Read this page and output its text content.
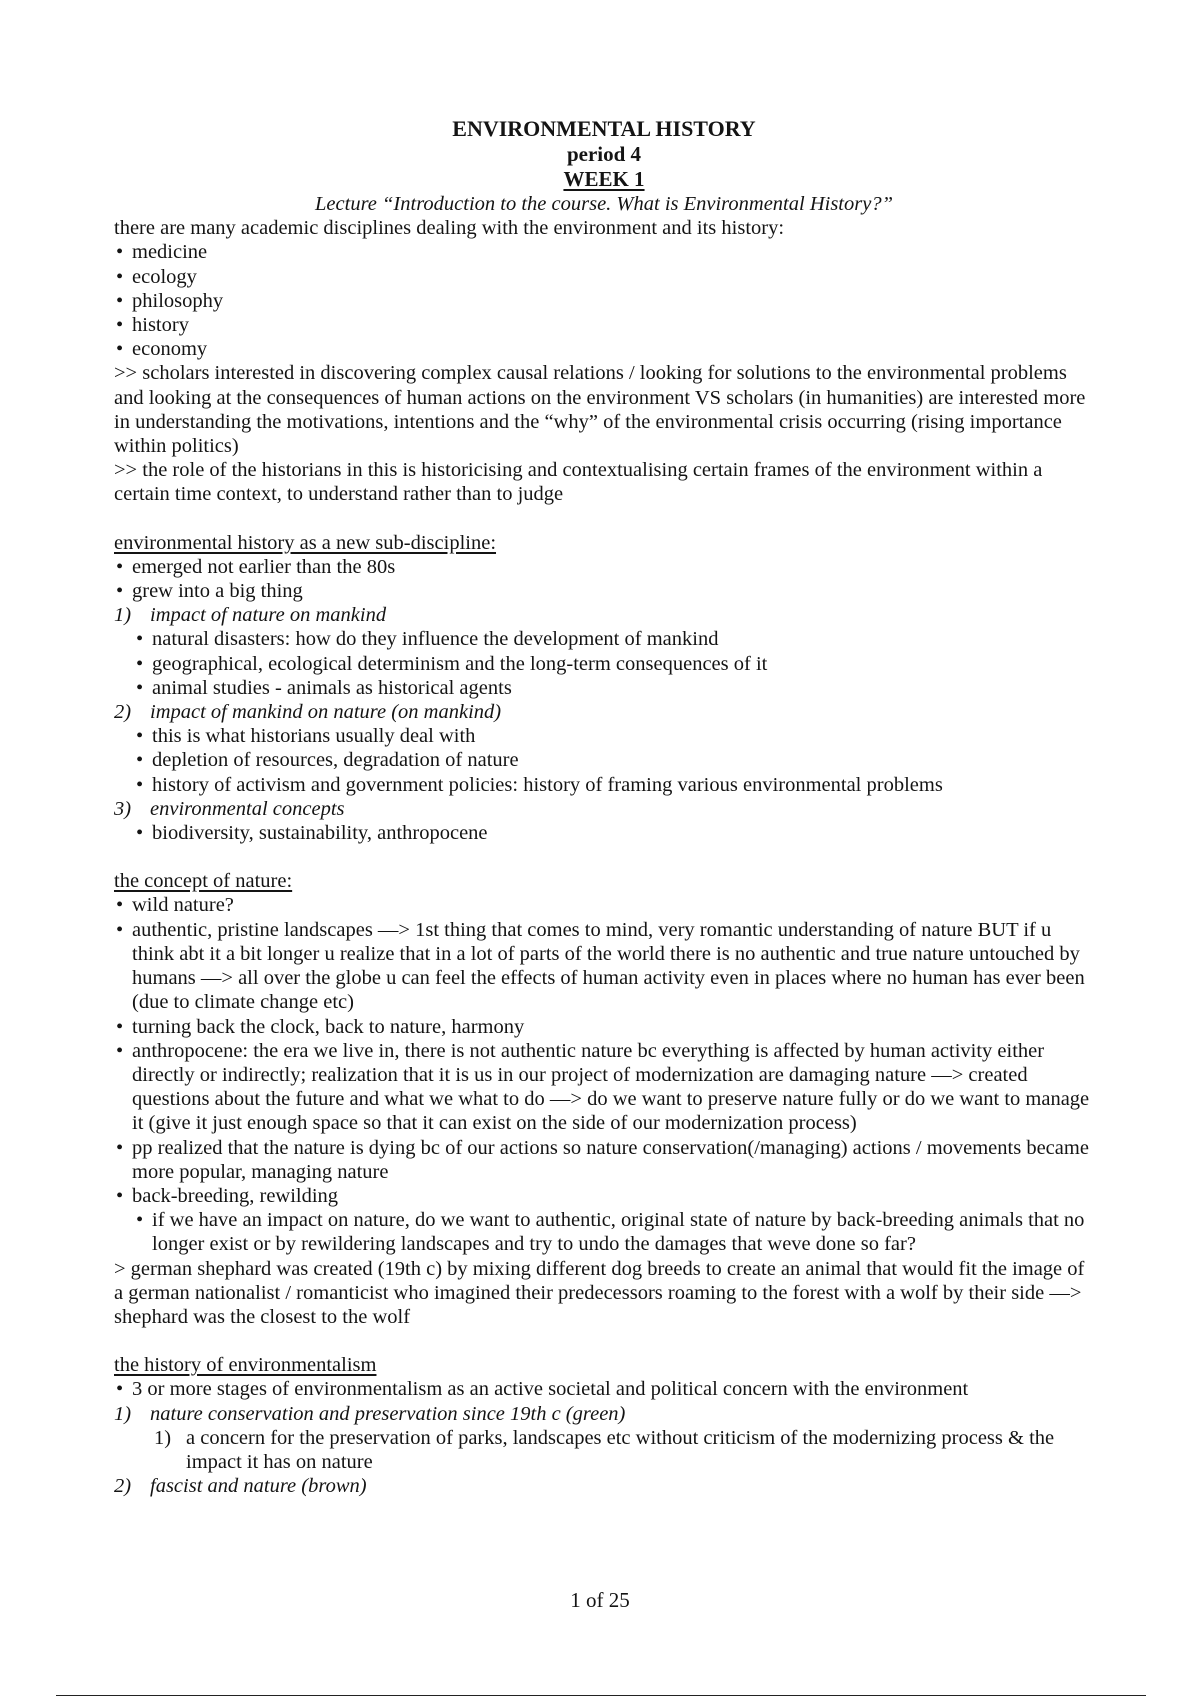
ENVIRONMENTAL HISTORY

period 4

WEEK 1

Lecture “Introduction to the course. What is Environmental History?”

there are many academic disciplines dealing with the environment and its history:

• medicine
• ecology
• philosophy
• history
• economy

>> scholars interested in discovering complex causal relations / looking for solutions to the environmental problems and looking at the consequences of human actions on the environment VS scholars (in humanities) are interested more in understanding the motivations, intentions and the “why” of the environmental crisis occurring (rising importance within politics)

>> the role of the historians in this is historicising and contextualising certain frames of the environment within a certain time context, to understand rather than to judge

environmental history as a new sub-discipline:

• emerged not earlier than the 80s
• grew into a big thing
1) impact of nature on mankind
• natural disasters: how do they influence the development of mankind
• geographical, ecological determinism and the long-term consequences of it
• animal studies - animals as historical agents
2) impact of mankind on nature (on mankind)
• this is what historians usually deal with
• depletion of resources, degradation of nature
• history of activism and government policies: history of framing various environmental problems
3) environmental concepts
• biodiversity, sustainability, anthropocene

the concept of nature:

• wild nature?
• authentic, pristine landscapes —> 1st thing that comes to mind, very romantic understanding of nature BUT if u think abt it a bit longer u realize that in a lot of parts of the world there is no authentic and true nature untouched by humans —> all over the globe u can feel the effects of human activity even in places where no human has ever been (due to climate change etc)
• turning back the clock, back to nature, harmony
• anthropocene: the era we live in, there is not authentic nature bc everything is affected by human activity either directly or indirectly; realization that it is us in our project of modernization are damaging nature —> created questions about the future and what we what to do —> do we want to preserve nature fully or do we want to manage it (give it just enough space so that it can exist on the side of our modernization process)
• pp realized that the nature is dying bc of our actions so nature conservation(/managing) actions / movements became more popular, managing nature
• back-breeding, rewilding
• if we have an impact on nature, do we want to authentic, original state of nature by back-breeding animals that no longer exist or by rewildering landscapes and try to undo the damages that weve done so far?

> german shephard was created (19th c) by mixing different dog breeds to create an animal that would fit the image of a german nationalist / romanticist who imagined their predecessors roaming to the forest with a wolf by their side —> shephard was the closest to the wolf

the history of environmentalism

• 3 or more stages of environmentalism as an active societal and political concern with the environment
1) nature conservation and preservation since 19th c (green)
1) a concern for the preservation of parks, landscapes etc without criticism of the modernizing process & the impact it has on nature
2) fascist and nature (brown)
1 of 25
